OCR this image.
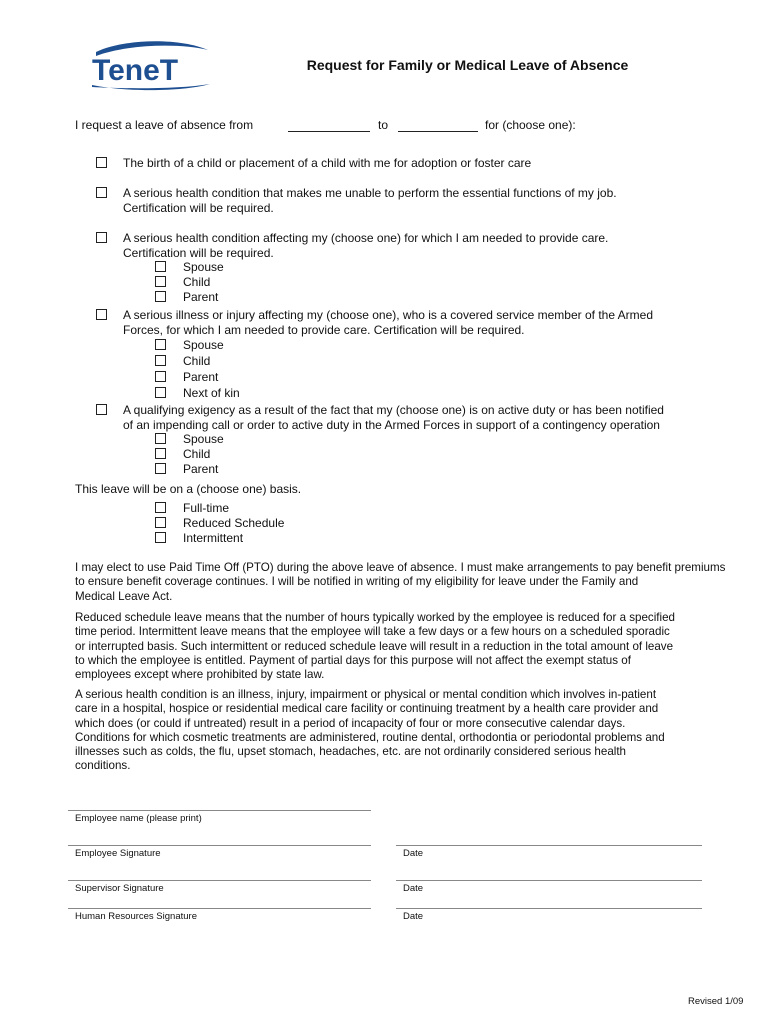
TeneT	Request for Family or Medical Leave of Absence
I request a leave of absence from	to	for (choose one):
The birth of a child or placement of a child with me for adoption or foster care
A serious health condition that makes me unable to perform the essential functions of my job.
Certification will be required.
A serious health condition affecting my (choose one) for which I am needed to provide care.
Certification will be required.
Spouse
Child
Parent
A serious illness or injury affecting my (choose one), who is a covered service member of the Armed
Forces, for which I am needed to provide care. Certification will be required.
Spouse
Child
Parent
Next of kin
A qualifying exigency as a result of the fact that my (choose one) is on active duty or has been notified
of an impending call or order to active duty in the Armed Forces in support of a contingency operation
Spouse
Child
Parent
This leave will be on a (choose one) basis.
Full-time
Reduced Schedule
Intermittent
I may elect to use Paid Time Off (PTO) during the above leave of absence. I must make arrangements to pay benefit premiums
to ensure benefit coverage continues. I will be notified in writing of my eligibility for leave under the Family and
Medical Leave Act.
Reduced schedule leave means that the number of hours typically worked by the employee is reduced for a specified
time period. Intermittent leave means that the employee will take a few days or a few hours on a scheduled sporadic
or interrupted basis. Such intermittent or reduced schedule leave will result in a reduction in the total amount of leave
to which the employee is entitled. Payment of partial days for this purpose will not affect the exempt status of
employees except where prohibited by state law.
A serious health condition is an illness, injury, impairment or physical or mental condition which involves in-patient
care in a hospital, hospice or residential medical care facility or continuing treatment by a health care provider and
which does (or could if untreated) result in a period of incapacity of four or more consecutive calendar days.
Conditions for which cosmetic treatments are administered, routine dental, orthodontia or periodontal problems and
illnesses such as colds, the flu, upset stomach, headaches, etc. are not ordinarily considered serious health
conditions.
Employee name (please print)
Employee Signature	Date
Supervisor Signature	Date
Human Resources Signature	Date
Revised 1/09
